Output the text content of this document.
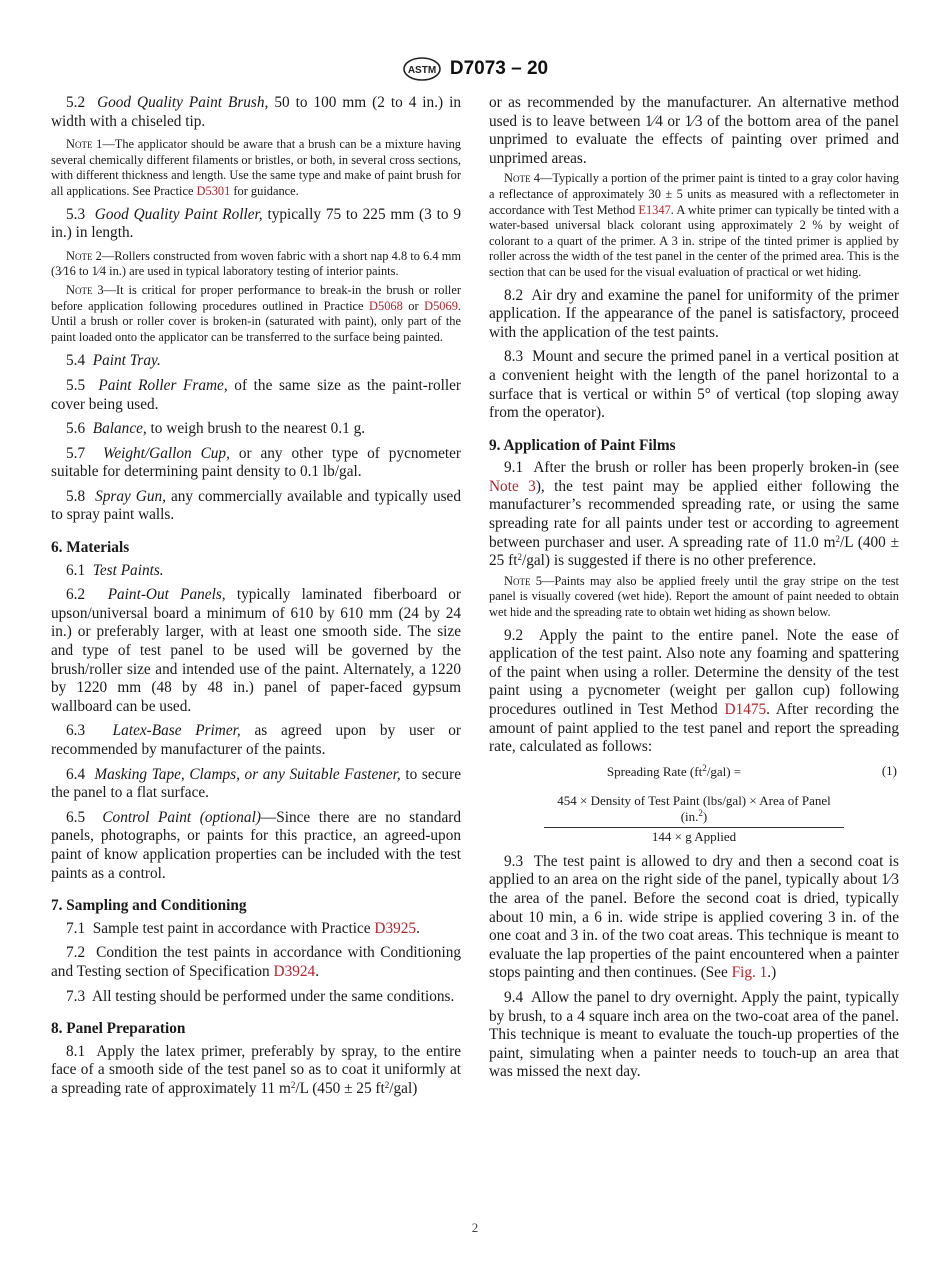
ASTM D7073 – 20

5.2 Good Quality Paint Brush, 50 to 100 mm (2 to 4 in.) in width with a chiseled tip.

Note 1—The applicator should be aware that a brush can be a mixture having several chemically different filaments or bristles, or both, in several cross sections, with different thickness and length. Use the same type and make of paint brush for all applications. See Practice D5301 for guidance.

5.3 Good Quality Paint Roller, typically 75 to 225 mm (3 to 9 in.) in length.

Note 2—Rollers constructed from woven fabric with a short nap 4.8 to 6.4 mm (3⁄16 to 1⁄4 in.) are used in typical laboratory testing of interior paints.

Note 3—It is critical for proper performance to break-in the brush or roller before application following procedures outlined in Practice D5068 or D5069. Until a brush or roller cover is broken-in (saturated with paint), only part of the paint loaded onto the applicator can be transferred to the surface being painted.

5.4 Paint Tray.

5.5 Paint Roller Frame, of the same size as the paint-roller cover being used.

5.6 Balance, to weigh brush to the nearest 0.1 g.

5.7 Weight/Gallon Cup, or any other type of pycnometer suitable for determining paint density to 0.1 lb/gal.

5.8 Spray Gun, any commercially available and typically used to spray paint walls.

6. Materials

6.1 Test Paints.

6.2 Paint-Out Panels, typically laminated fiberboard or upson/universal board a minimum of 610 by 610 mm (24 by 24 in.) or preferably larger, with at least one smooth side. The size and type of test panel to be used will be governed by the brush/roller size and intended use of the paint. Alternately, a 1220 by 1220 mm (48 by 48 in.) panel of paper-faced gypsum wallboard can be used.

6.3 Latex-Base Primer, as agreed upon by user or recommended by manufacturer of the paints.

6.4 Masking Tape, Clamps, or any Suitable Fastener, to secure the panel to a flat surface.

6.5 Control Paint (optional)—Since there are no standard panels, photographs, or paints for this practice, an agreed-upon paint of know application properties can be included with the test paints as a control.

7. Sampling and Conditioning

7.1 Sample test paint in accordance with Practice D3925.

7.2 Condition the test paints in accordance with Conditioning and Testing section of Specification D3924.

7.3 All testing should be performed under the same conditions.

8. Panel Preparation

8.1 Apply the latex primer, preferably by spray, to the entire face of a smooth side of the test panel so as to coat it uniformly at a spreading rate of approximately 11 $m^2/L$ (450 ± 25 $ft^2/gal$)

or as recommended by the manufacturer. An alternative method used is to leave between 1⁄4 or 1⁄3 of the bottom area of the panel unprimed to evaluate the effects of painting over primed and unprimed areas.

Note 4—Typically a portion of the primer paint is tinted to a gray color having a reflectance of approximately 30 ± 5 units as measured with a reflectometer in accordance with Test Method E1347. A white primer can typically be tinted with a water-based universal black colorant using approximately 2 % by weight of colorant to a quart of the primer. A 3 in. stripe of the tinted primer is applied by roller across the width of the test panel in the center of the primed area. This is the section that can be used for the visual evaluation of practical or wet hiding.

8.2 Air dry and examine the panel for uniformity of the primer application. If the appearance of the panel is satisfactory, proceed with the application of the test paints.

8.3 Mount and secure the primed panel in a vertical position at a convenient height with the length of the panel horizontal to a surface that is vertical or within 5° of vertical (top sloping away from the operator).

9. Application of Paint Films

9.1 After the brush or roller has been properly broken-in (see Note 3), the test paint may be applied either following the manufacturer’s recommended spreading rate, or using the same spreading rate for all paints under test or according to agreement between purchaser and user. A spreading rate of 11.0 $m^2/L$ (400 ± 25 $ft^2/gal$) is suggested if there is no other preference.

Note 5—Paints may also be applied freely until the gray stripe on the test panel is visually covered (wet hide). Report the amount of paint needed to obtain wet hide and the spreading rate to obtain wet hiding as shown below.

9.2 Apply the paint to the entire panel. Note the ease of application of the test paint. Also note any foaming and spattering of the paint when using a roller. Determine the density of the test paint using a pycnometer (weight per gallon cup) following procedures outlined in Test Method D1475. After recording the amount of paint applied to the test panel and report the spreading rate, calculated as follows:

Spreading Rate $(ft^2/gal)$ =	(1)
454 × Density of Test Paint (lbs/gal) × Area of Panel (in.$^2$)
144 × g Applied

9.3 The test paint is allowed to dry and then a second coat is applied to an area on the right side of the panel, typically about 1⁄3 the area of the panel. Before the second coat is dried, typically about 10 min, a 6 in. wide stripe is applied covering 3 in. of the one coat and 3 in. of the two coat areas. This technique is meant to evaluate the lap properties of the paint encountered when a painter stops painting and then continues. (See Fig. 1.)

9.4 Allow the panel to dry overnight. Apply the paint, typically by brush, to a 4 square inch area on the two-coat area of the panel. This technique is meant to evaluate the touch-up properties of the paint, simulating when a painter needs to touch-up an area that was missed the next day.

2
